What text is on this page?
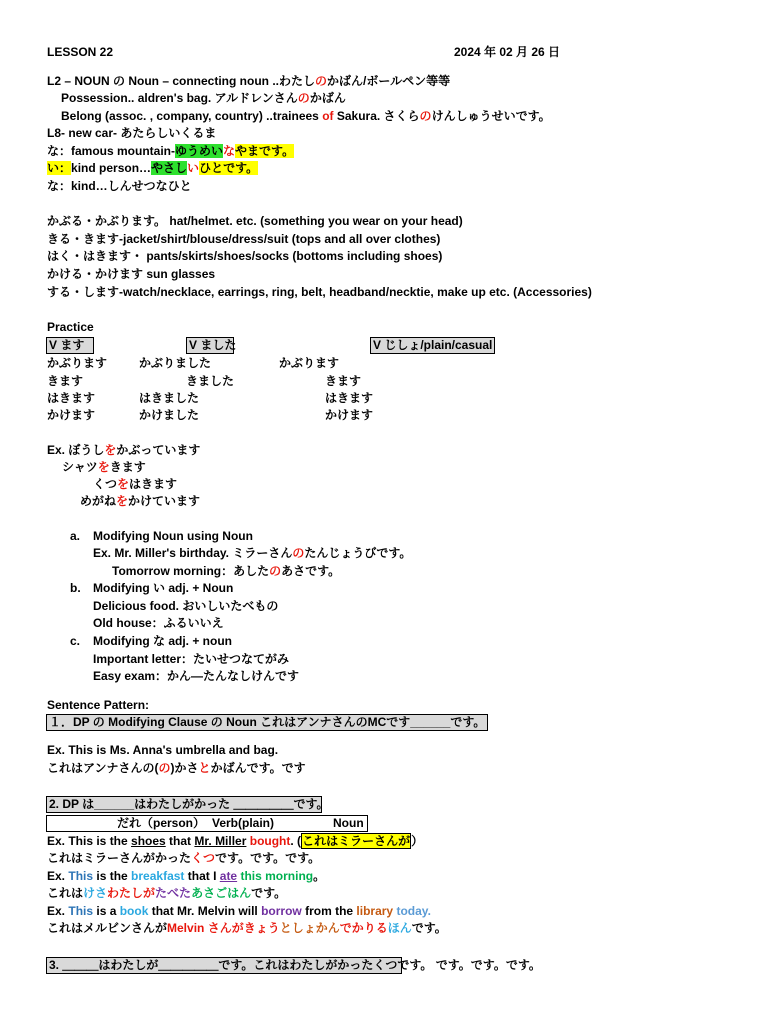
LESSON 22	2024 年 02 月 26 日
L2 – NOUN の Noun – connecting noun ..わたしのかばん/ボールペン等等
Possession.. aldren's bag. アルドレンさんのかばん
Belong (assoc. , company, country) ..trainees of Sakura. さくらのけんしゅうせいです。
L8- new car- あたらしいくるま
な：famous mountain-ゆうめいなやまです。
い：kind person…やさしいひとです。
な：kind…しんせつなひと
かぶる・かぶります。 hat/helmet. etc. (something you wear on your head)
きる・きます-jacket/shirt/blouse/dress/suit (tops and all over clothes)
はく・はきます・ pants/skirts/shoes/socks (bottoms including shoes)
かける・かけます sun glasses
する・します-watch/necklace, earrings, ring, belt, headband/necktie, make up etc. (Accessories)
Practice
V ます	V ました	V じしょ/plain/casual
かぶります	かぶりました	かぶります
きます	きました	きます
はきます	はきました	はきます
かけます	かけました	かけます
Ex. ぼうしをかぶっています
シャツをきます
くつをはきます
めがねをかけています
a. Modifying Noun using Noun
Ex. Mr. Miller's birthday. ミラーさんのたんじょうびです。
Tomorrow morning：あしたのあさです。
b. Modifying い adj. + Noun
Delicious food. おいしいたべもの
Old house：ふるいいえ
c. Modifying な adj. + noun
Important letter：たいせつなてがみ
Easy exam：かん—たんなしけんです
Sentence Pattern:
１．DP の Modifying Clause の Noun これはアンナさんのMCです______です。
Ex. This is Ms. Anna's umbrella and bag.
これはアンナさんの(の)かさとかばんです。です
2. DP は______はわたしがかった ＿＿＿＿＿です。
だれ（person） Verb(plain)	Noun
Ex. This is the shoes that Mr. Miller bought. (これはミラーさんが）
これはミラーさんがかったくつです。です。です。
Ex. This is the breakfast that I ate this morning。
これはけさわたしがたべたあさごはんです。
Ex. This is a book that Mr. Melvin will borrow from the library today.
これはメルビンさんがMelvin さんがきょうとしょかんでかりるほんです。
3. ＿＿＿はわたしが＿＿＿＿＿です。これはわたしがかったくつです。 です。です。です。
